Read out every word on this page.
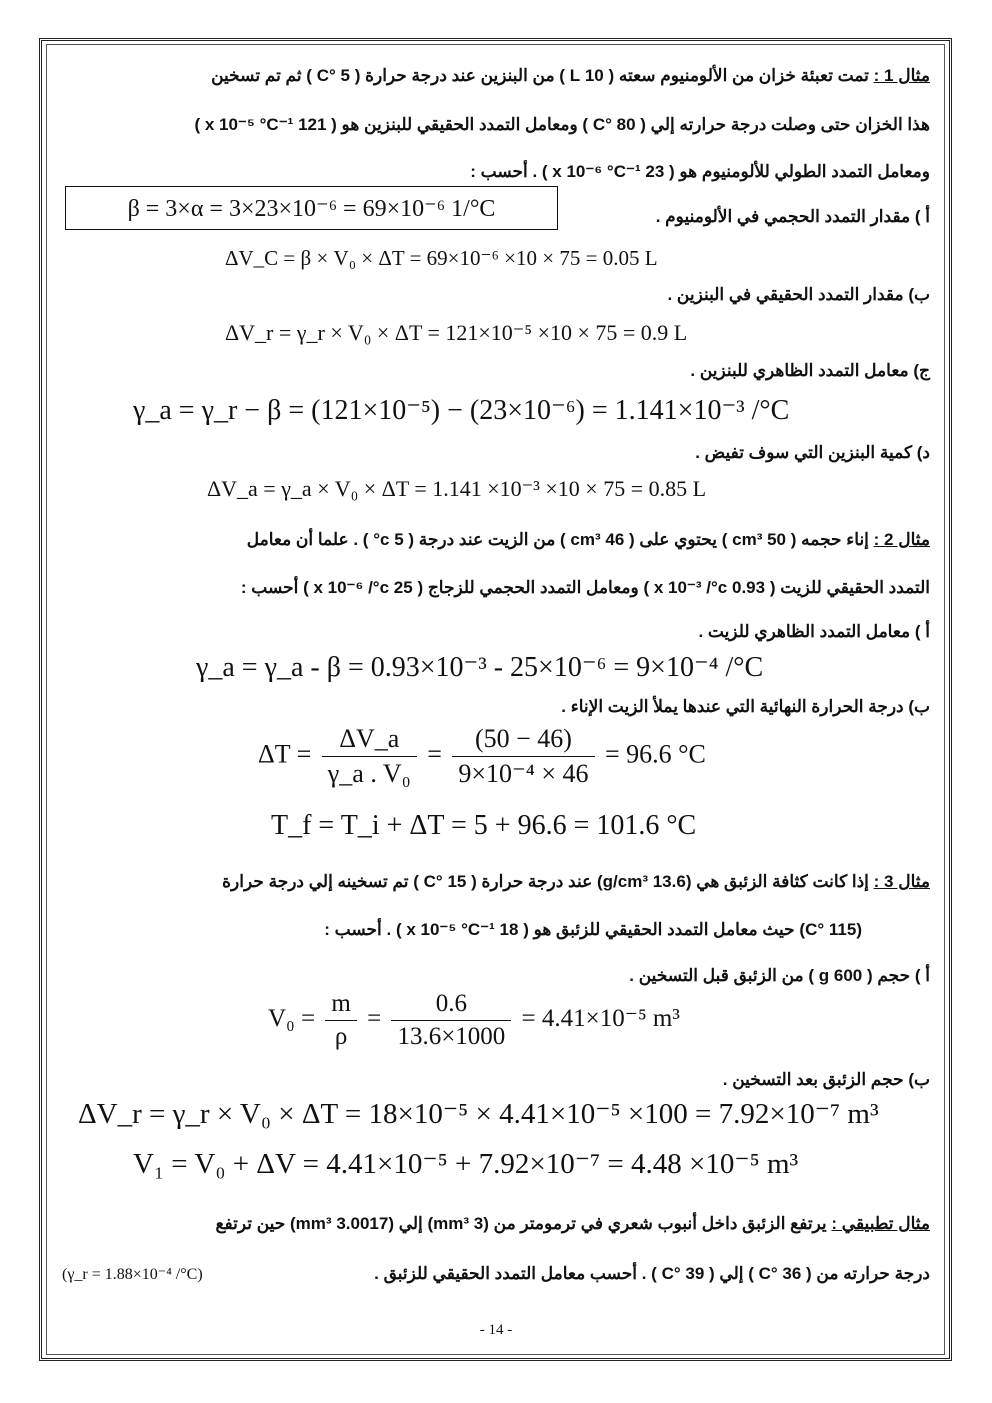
مثال 1 : تمت تعبئة خزان من الألومنيوم سعته ( 10 L ) من البنزين عند درجة حرارة ( 5 °C ) ثم تم تسخين
هذا الخزان حتى وصلت درجة حرارته إلي ( 80 °C ) ومعامل التمدد الحقيقي للبنزين هو ( 121 x 10⁻⁵ °C⁻¹ )
ومعامل التمدد الطولي للألومنيوم هو ( 23 x 10⁻⁶ °C⁻¹ ) . أحسب :
β = 3×α = 3×23×10⁻⁶ = 69×10⁻⁶ 1/°C	أ ) مقدار التمدد الحجمي في الألومنيوم .
ΔV_C = β × V₀ × ΔT = 69×10⁻⁶ ×10 × 75 = 0.05 L
ب) مقدار التمدد الحقيقي في البنزين .
ΔV_r = γ_r × V₀ × ΔT = 121×10⁻⁵ ×10 × 75 = 0.9 L
ج) معامل التمدد الظاهري للبنزين .
γ_a = γ_r − β = (121×10⁻⁵) − (23×10⁻⁶) = 1.141×10⁻³ /°C
د) كمية البنزين التي سوف تفيض .
ΔV_a = γ_a × V₀ × ΔT = 1.141 ×10⁻³ ×10 × 75 = 0.85 L
مثال 2 : إناء حجمه ( 50 cm³ ) يحتوي على ( 46 cm³ ) من الزيت عند درجة ( 5 c° ) . علما أن معامل
التمدد الحقيقي للزيت ( 0.93 x 10⁻³ /°c ) ومعامل التمدد الحجمي للزجاج ( 25 x 10⁻⁶ /°c ) أحسب :
أ ) معامل التمدد الظاهري للزيت .
γ_a = γ_a - β = 0.93×10⁻³ - 25×10⁻⁶ = 9×10⁻⁴ /°C
ب) درجة الحرارة النهائية التي عندها يملأ الزيت الإناء .
$\Delta T = \frac{\Delta V\_a}{\text{γ\_a . V₀}} = \frac{(50 - 46)}{\text{9×10⁻⁴ × 46}} = 96.6$ °C
T_f = T_i + ΔT = 5 + 96.6 = 101.6 °C
مثال 3 : إذا كانت كثافة الزئبق هي (13.6 g/cm³) عند درجة حرارة ( 15 °C ) تم تسخينه إلي درجة حرارة
(115 °C) حيث معامل التمدد الحقيقي للزئبق هو ( 18 x 10⁻⁵ °C⁻¹ ) . أحسب :
أ ) حجم ( 600 g ) من الزئبق قبل التسخين .
$V_0 = \frac{m}{\rho} = \frac{0.6}{13.6\times 1000} = 4.41\times 10^{-5}$ m³
ب) حجم الزئبق بعد التسخين .
ΔV_r = γ_r × V₀ × ΔT = 18×10⁻⁵ × 4.41×10⁻⁵ ×100 = 7.92×10⁻⁷ m³
V₁ = V₀ + ΔV = 4.41×10⁻⁵ + 7.92×10⁻⁷ = 4.48 ×10⁻⁵ m³
مثال تطبيقي : يرتفع الزئبق داخل أنبوب شعري في ترمومتر من (3 mm³) إلي (3.0017 mm³) حين ترتفع
درجة حرارته من ( 36 °C ) إلي ( 39 °C ) . أحسب معامل التمدد الحقيقي للزئبق .
(γ_r = 1.88×10⁻⁴ /°C)
- 14 -
